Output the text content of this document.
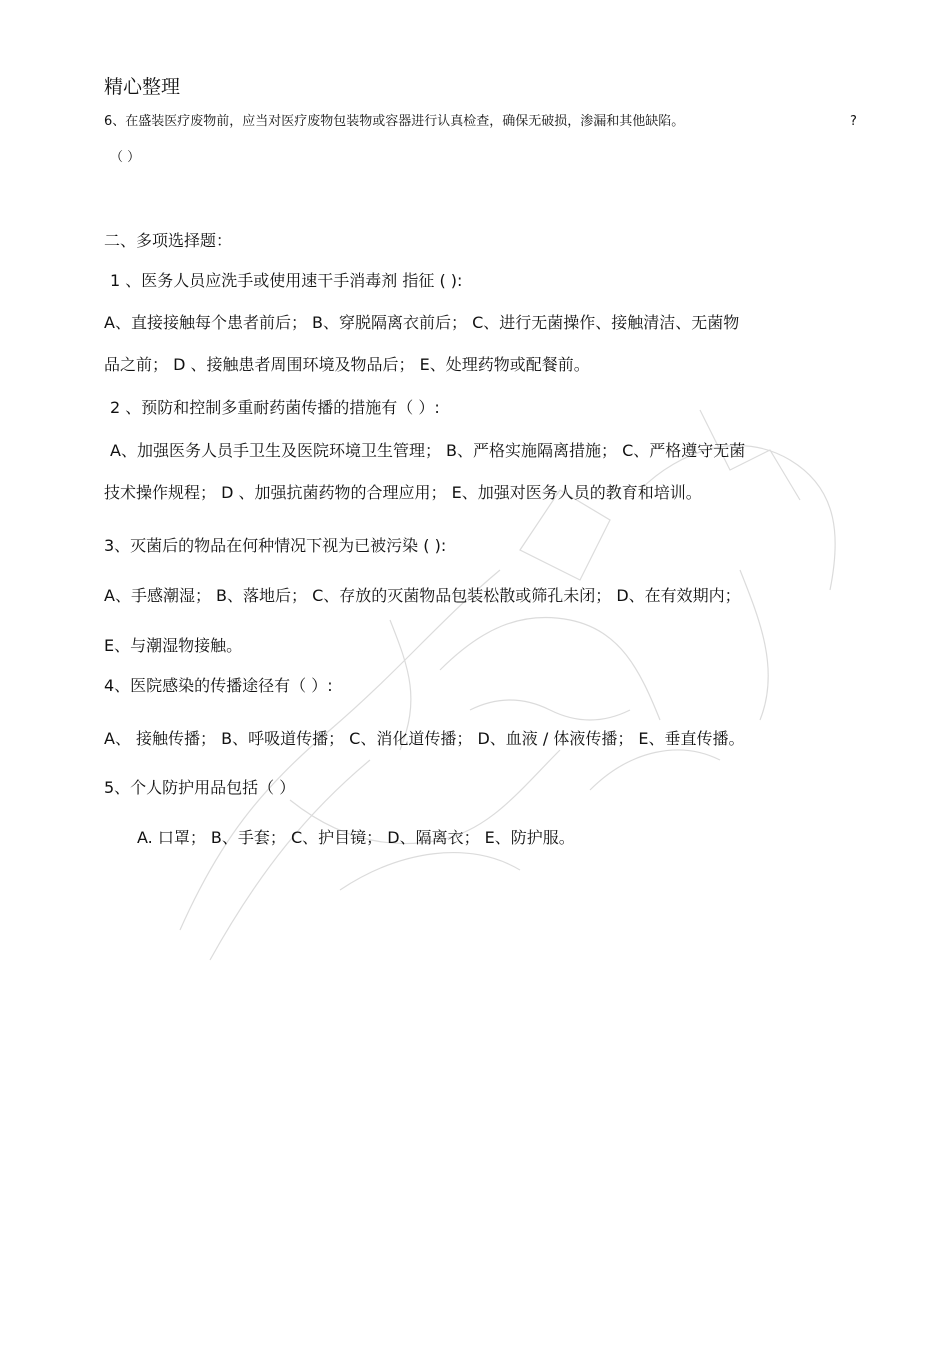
精心整理
6、在盛装医疗废物前，应当对医疗废物包装物或容器进行认真检查，确保无破损，渗漏和其他缺陷。	?
（ ）
二、多项选择题：
1 、医务人员应洗手或使用速干手消毒剂 指征 ( ):
A、直接接触每个患者前后； B、穿脱隔离衣前后； C、进行无菌操作、接触清洁、无菌物
品之前； D 、接触患者周围环境及物品后； E、处理药物或配餐前。
2 、预防和控制多重耐药菌传播的措施有（ ）:
A、加强医务人员手卫生及医院环境卫生管理； B、严格实施隔离措施； C、严格遵守无菌
技术操作规程； D 、加强抗菌药物的合理应用； E、加强对医务人员的教育和培训。
3、灭菌后的物品在何种情况下视为已被污染 ( ):
A、手感潮湿； B、落地后； C、存放的灭菌物品包装松散或筛孔未闭； D、在有效期内；
E、与潮湿物接触。
4、医院感染的传播途径有（ ）:
A、 接触传播； B、呼吸道传播； C、消化道传播； D、血液 / 体液传播； E、垂直传播。
5、个人防护用品包括（ ）
A. 口罩； B、手套； C、护目镜； D、隔离衣； E、防护服。
